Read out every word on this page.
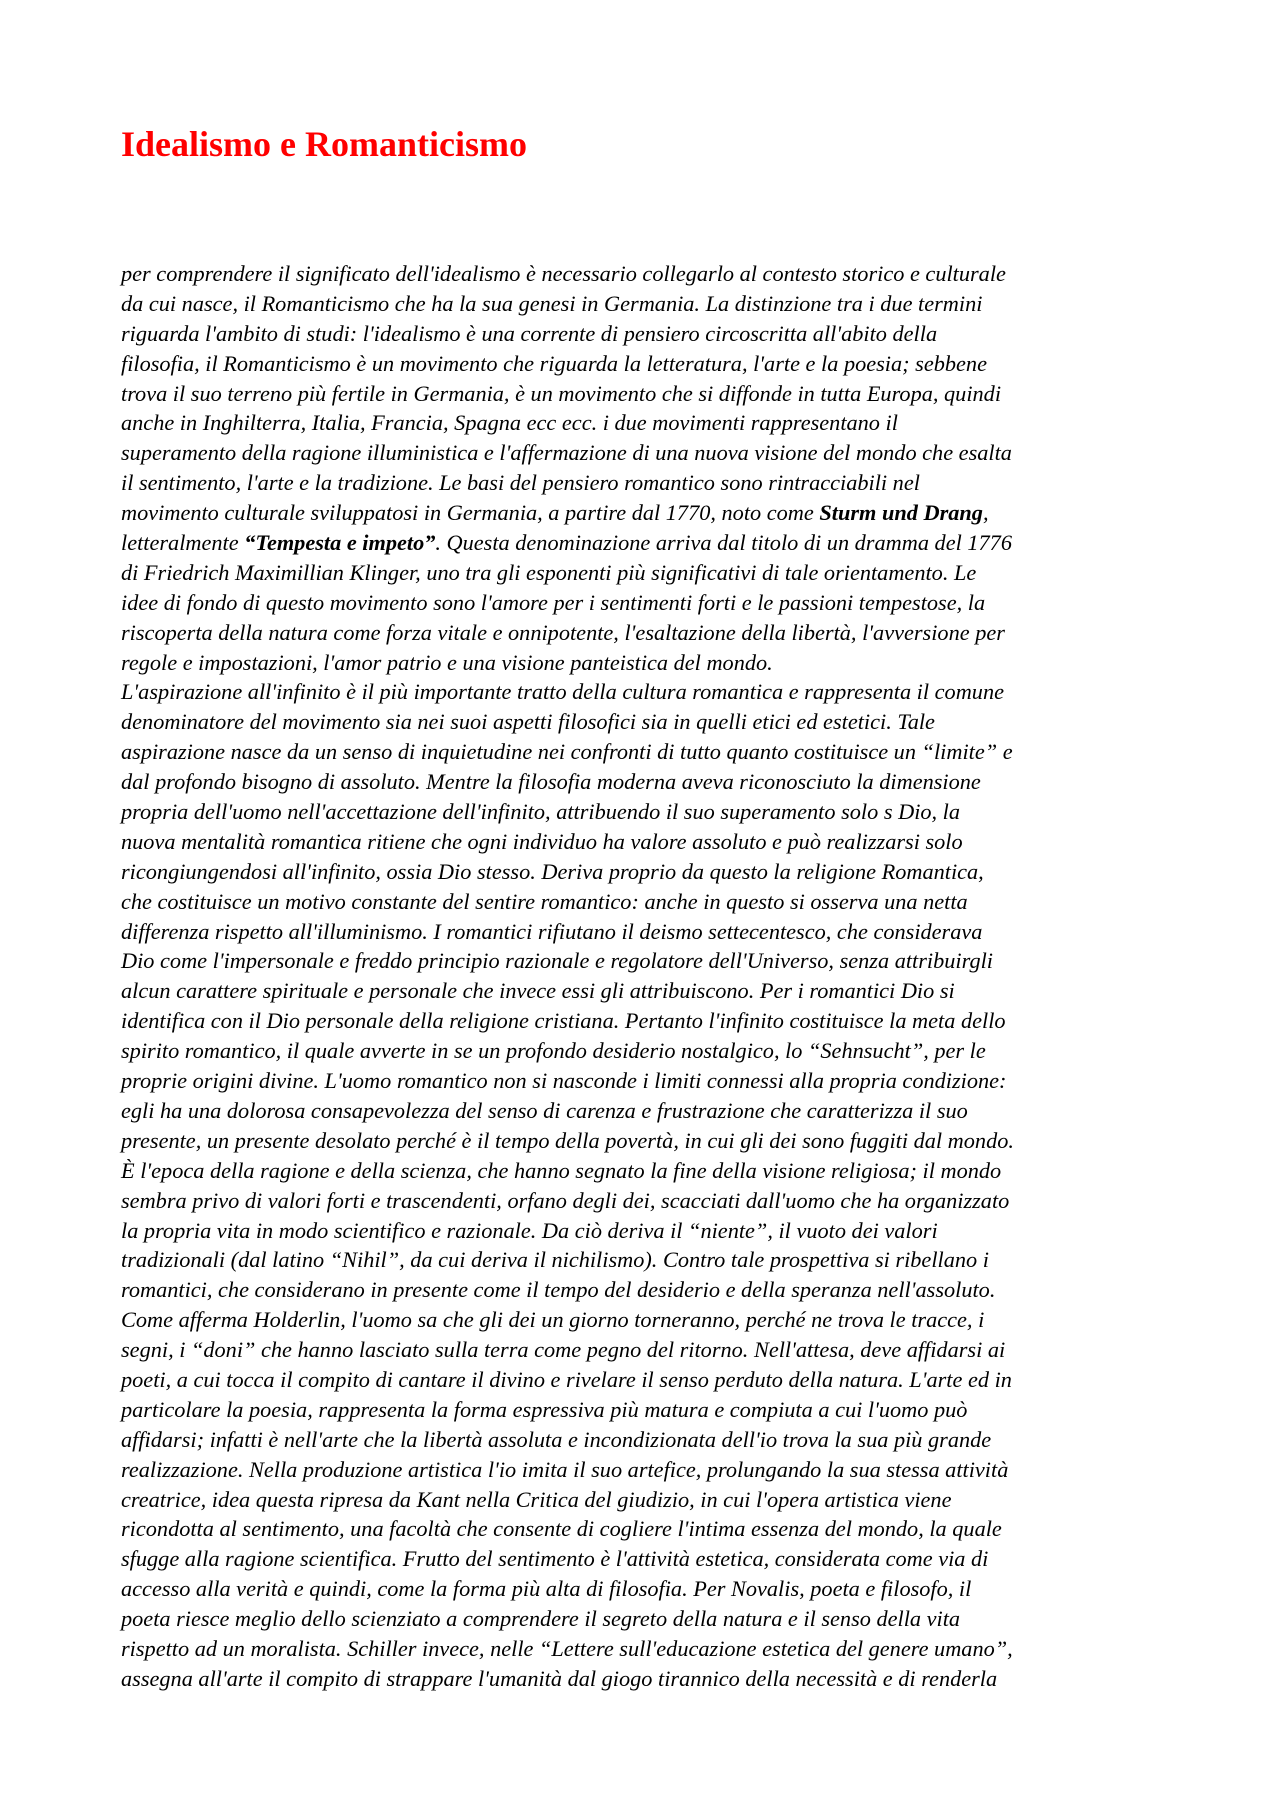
Idealismo e Romanticismo
per comprendere il significato dell'idealismo è necessario collegarlo al contesto storico e culturale
da cui nasce, il Romanticismo che ha la sua genesi in Germania. La distinzione tra i due termini
riguarda l'ambito di studi: l'idealismo è una corrente di pensiero circoscritta all'abito della
filosofia, il Romanticismo è un movimento che riguarda la letteratura, l'arte e la poesia; sebbene
trova il suo terreno più fertile in Germania, è un movimento che si diffonde in tutta Europa, quindi
anche in Inghilterra, Italia, Francia, Spagna ecc ecc. i due movimenti rappresentano il
superamento della ragione illuministica e l'affermazione di una nuova visione del mondo che esalta
il sentimento, l'arte e la tradizione. Le basi del pensiero romantico sono rintracciabili nel
movimento culturale sviluppatosi in Germania, a partire dal 1770, noto come Sturm und Drang,
letteralmente “Tempesta e impeto”. Questa denominazione arriva dal titolo di un dramma del 1776
di Friedrich Maximillian Klinger, uno tra gli esponenti più significativi di tale orientamento. Le
idee di fondo di questo movimento sono l'amore per i sentimenti forti e le passioni tempestose, la
riscoperta della natura come forza vitale e onnipotente, l'esaltazione della libertà, l'avversione per
regole e impostazioni, l'amor patrio e una visione panteistica del mondo.
L'aspirazione all'infinito è il più importante tratto della cultura romantica e rappresenta il comune
denominatore del movimento sia nei suoi aspetti filosofici sia in quelli etici ed estetici. Tale
aspirazione nasce da un senso di inquietudine nei confronti di tutto quanto costituisce un “limite” e
dal profondo bisogno di assoluto. Mentre la filosofia moderna aveva riconosciuto la dimensione
propria dell'uomo nell'accettazione dell'infinito, attribuendo il suo superamento solo s Dio, la
nuova mentalità romantica ritiene che ogni individuo ha valore assoluto e può realizzarsi solo
ricongiungendosi all'infinito, ossia Dio stesso. Deriva proprio da questo la religione Romantica,
che costituisce un motivo constante del sentire romantico: anche in questo si osserva una netta
differenza rispetto all'illuminismo. I romantici rifiutano il deismo settecentesco, che considerava
Dio come l'impersonale e freddo principio razionale e regolatore dell'Universo, senza attribuirgli
alcun carattere spirituale e personale che invece essi gli attribuiscono. Per i romantici Dio si
identifica con il Dio personale della religione cristiana. Pertanto l'infinito costituisce la meta dello
spirito romantico, il quale avverte in se un profondo desiderio nostalgico, lo “Sehnsucht”, per le
proprie origini divine. L'uomo romantico non si nasconde i limiti connessi alla propria condizione:
egli ha una dolorosa consapevolezza del senso di carenza e frustrazione che caratterizza il suo
presente, un presente desolato perché è il tempo della povertà, in cui gli dei sono fuggiti dal mondo.
È l'epoca della ragione e della scienza, che hanno segnato la fine della visione religiosa; il mondo
sembra privo di valori forti e trascendenti, orfano degli dei, scacciati dall'uomo che ha organizzato
la propria vita in modo scientifico e razionale. Da ciò deriva il “niente”, il vuoto dei valori
tradizionali (dal latino “Nihil”, da cui deriva il nichilismo). Contro tale prospettiva si ribellano i
romantici, che considerano in presente come il tempo del desiderio e della speranza nell'assoluto.
Come afferma Holderlin, l'uomo sa che gli dei un giorno torneranno, perché ne trova le tracce, i
segni, i “doni” che hanno lasciato sulla terra come pegno del ritorno. Nell'attesa, deve affidarsi ai
poeti, a cui tocca il compito di cantare il divino e rivelare il senso perduto della natura. L'arte ed in
particolare la poesia, rappresenta la forma espressiva più matura e compiuta a cui l'uomo può
affidarsi; infatti è nell'arte che la libertà assoluta e incondizionata dell'io trova la sua più grande
realizzazione. Nella produzione artistica l'io imita il suo artefice, prolungando la sua stessa attività
creatrice, idea questa ripresa da Kant nella Critica del giudizio, in cui l'opera artistica viene
ricondotta al sentimento, una facoltà che consente di cogliere l'intima essenza del mondo, la quale
sfugge alla ragione scientifica. Frutto del sentimento è l'attività estetica, considerata come via di
accesso alla verità e quindi, come la forma più alta di filosofia. Per Novalis, poeta e filosofo, il
poeta riesce meglio dello scienziato a comprendere il segreto della natura e il senso della vita
rispetto ad un moralista. Schiller invece, nelle “Lettere sull'educazione estetica del genere umano”,
assegna all'arte il compito di strappare l'umanità dal giogo tirannico della necessità e di renderla
